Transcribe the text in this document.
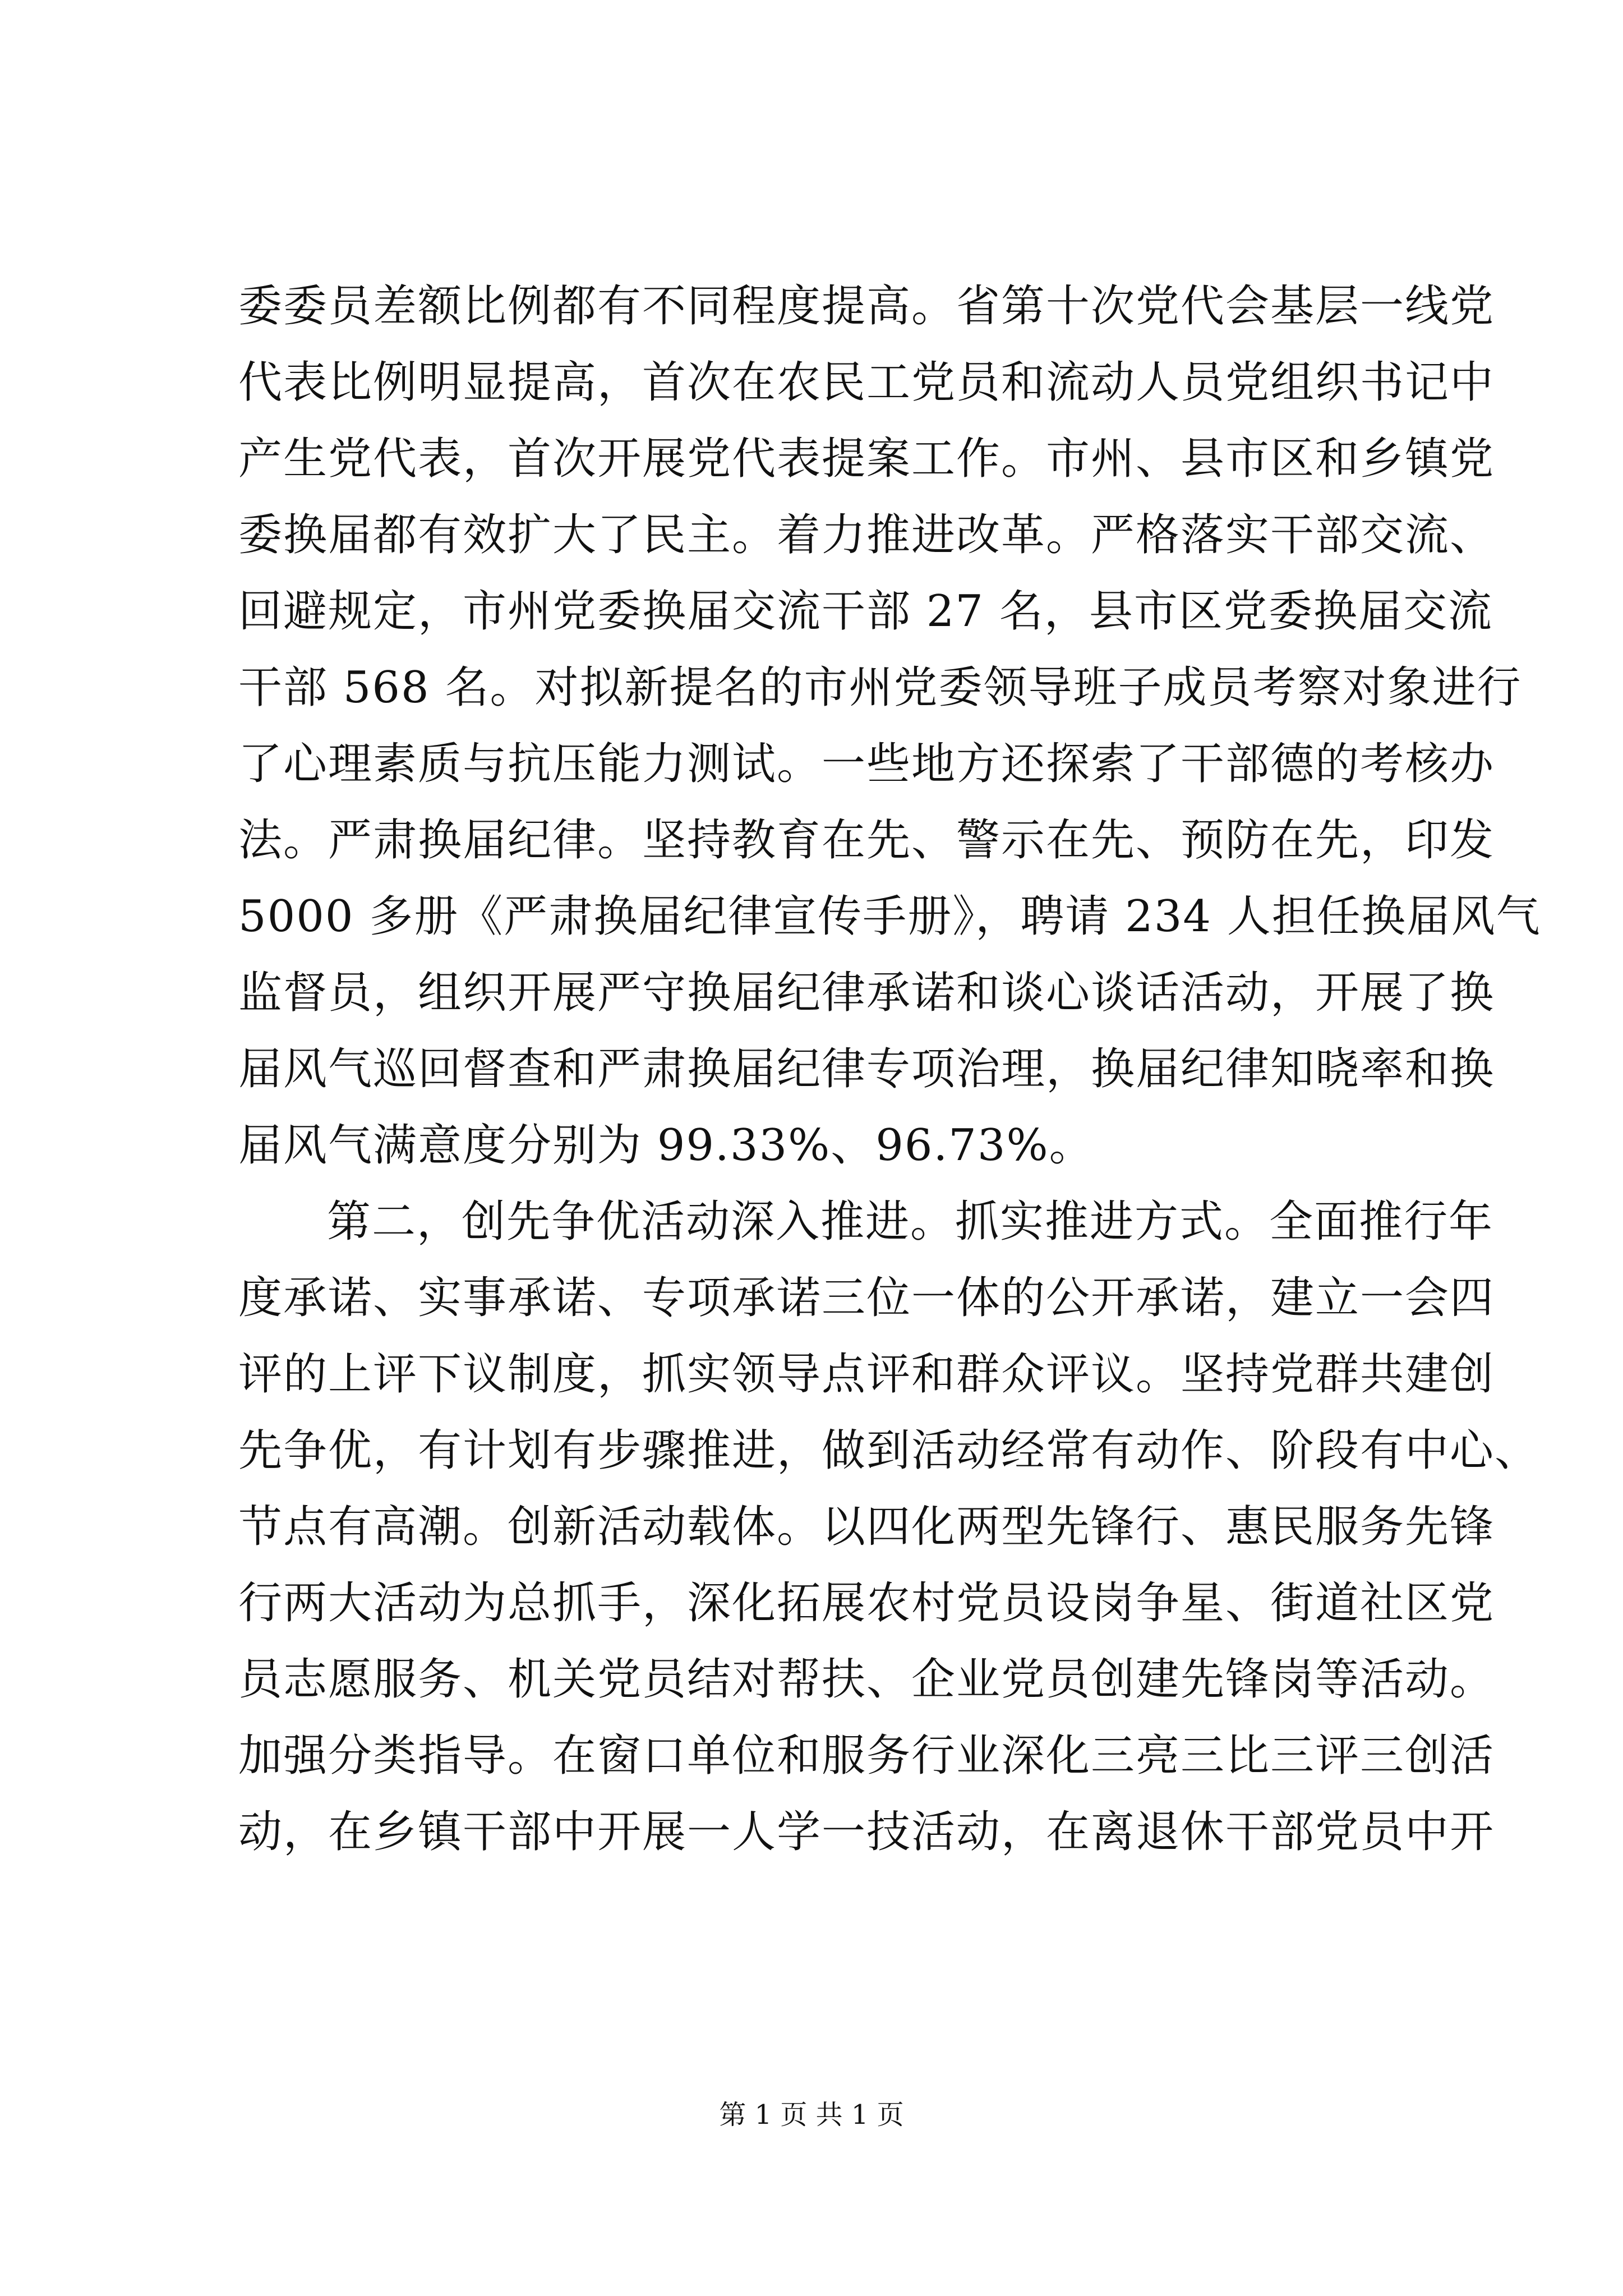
委委员差额比例都有不同程度提高。省第十次党代会基层一线党
代表比例明显提高，首次在农民工党员和流动人员党组织书记中
产生党代表，首次开展党代表提案工作。市州、县市区和乡镇党
委换届都有效扩大了民主。着力推进改革。严格落实干部交流、
回避规定，市州党委换届交流干部 27 名，县市区党委换届交流
干部 568 名。对拟新提名的市州党委领导班子成员考察对象进行
了心理素质与抗压能力测试。一些地方还探索了干部德的考核办
法。严肃换届纪律。坚持教育在先、警示在先、预防在先，印发
5000 多册《严肃换届纪律宣传手册》，聘请 234 人担任换届风气
监督员，组织开展严守换届纪律承诺和谈心谈话活动，开展了换
届风气巡回督查和严肃换届纪律专项治理，换届纪律知晓率和换
届风气满意度分别为 99.33%、96.73%。
第二，创先争优活动深入推进。抓实推进方式。全面推行年
度承诺、实事承诺、专项承诺三位一体的公开承诺，建立一会四
评的上评下议制度，抓实领导点评和群众评议。坚持党群共建创
先争优，有计划有步骤推进，做到活动经常有动作、阶段有中心、
节点有高潮。创新活动载体。以四化两型先锋行、惠民服务先锋
行两大活动为总抓手，深化拓展农村党员设岗争星、街道社区党
员志愿服务、机关党员结对帮扶、企业党员创建先锋岗等活动。
加强分类指导。在窗口单位和服务行业深化三亮三比三评三创活
动，在乡镇干部中开展一人学一技活动，在离退休干部党员中开
第 1 页 共 1 页
